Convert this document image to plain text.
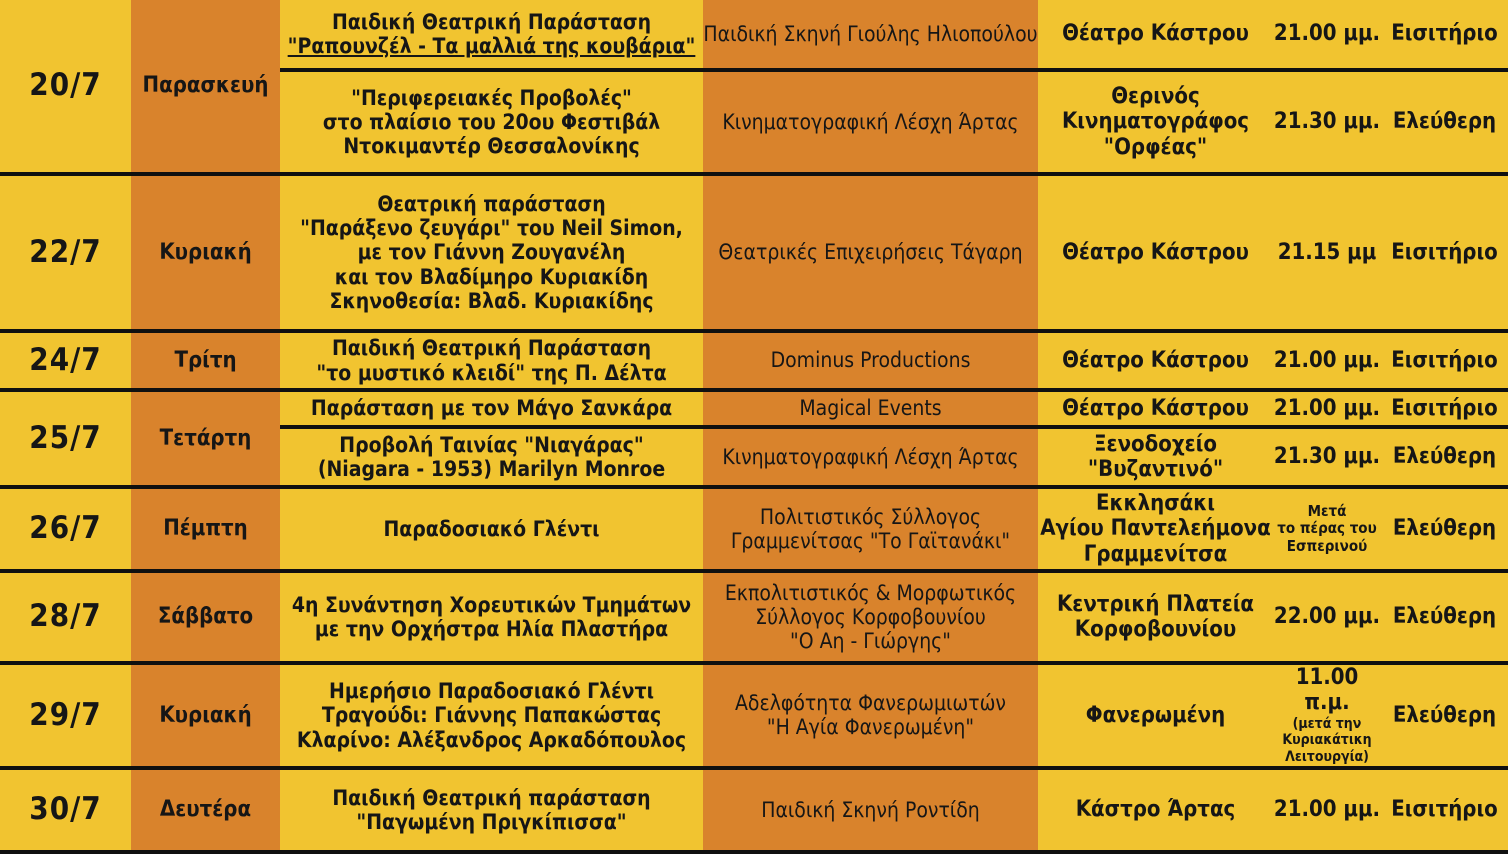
20/7	Παρασκευή	Παιδική Θεατρική Παράσταση
"Ραπουνζέλ - Τα μαλλιά της κουβάρια"	Παιδική Σκηνή Γιούλης Ηλιοπούλου	Θέατρο Κάστρου	21.00 μμ.	Εισιτήριο

		"Περιφερειακές Προβολές"
στο πλαίσιο του 20ου Φεστιβάλ
Ντοκιμαντέρ Θεσσαλονίκης	Κινηματογραφική Λέσχη Άρτας	Θερινός
Κινηματογράφος
"Ορφέας"	21.30 μμ.	Ελεύθερη
22/7	Κυριακή	Θεατρική παράσταση
"Παράξενο ζευγάρι" του Neil Simon,
με τον Γιάννη Ζουγανέλη
και τον Βλαδίμηρο Κυριακίδη
Σκηνοθεσία: Βλαδ. Κυριακίδης	Θεατρικές Επιχειρήσεις Τάγαρη	Θέατρο Κάστρου	21.15 μμ	Εισιτήριο
24/7	Τρίτη	Παιδική Θεατρική Παράσταση
"το μυστικό κλειδί" της Π. Δέλτα	Dominus Productions	Θέατρο Κάστρου	21.00 μμ.	Εισιτήριο
25/7	Τετάρτη	Παράσταση με τον Μάγο Σανκάρα	Magical Events	Θέατρο Κάστρου	21.00 μμ.	Εισιτήριο

		Προβολή Ταινίας "Νιαγάρας"
(Niagara - 1953) Marilyn Monroe	Κινηματογραφική Λέσχη Άρτας	Ξενοδοχείο
"Βυζαντινό"	21.30 μμ.	Ελεύθερη
26/7	Πέμπτη	Παραδοσιακό Γλέντι	Πολιτιστικός Σύλλογος
Γραμμενίτσας "Το Γαϊτανάκι"	Εκκλησάκι
Αγίου Παντελεήμονα
Γραμμενίτσα	Μετά
το πέρας του
Εσπερινού	Ελεύθερη
28/7	Σάββατο	4η Συνάντηση Χορευτικών Τμημάτων
με την Ορχήστρα Ηλία Πλαστήρα	Εκπολιτιστικός & Μορφωτικός
Σύλλογος Κορφοβουνίου
"Ο Αη - Γιώργης"	Κεντρική Πλατεία
Κορφοβουνίου	22.00 μμ.	Ελεύθερη
29/7	Κυριακή	Ημερήσιο Παραδοσιακό Γλέντι
Τραγούδι: Γιάννης Παπακώστας
Κλαρίνο: Αλέξανδρος Αρκαδόπουλος	Αδελφότητα Φανερωμιωτών
"Η Αγία Φανερωμένη"	Φανερωμένη	11.00 π.μ.
(μετά την
Κυριακάτικη
Λειτουργία)	Ελεύθερη
30/7	Δευτέρα	Παιδική Θεατρική παράσταση
"Παγωμένη Πριγκίπισσα"	Παιδική Σκηνή Ροντίδη	Κάστρο Άρτας	21.00 μμ.	Εισιτήριο
